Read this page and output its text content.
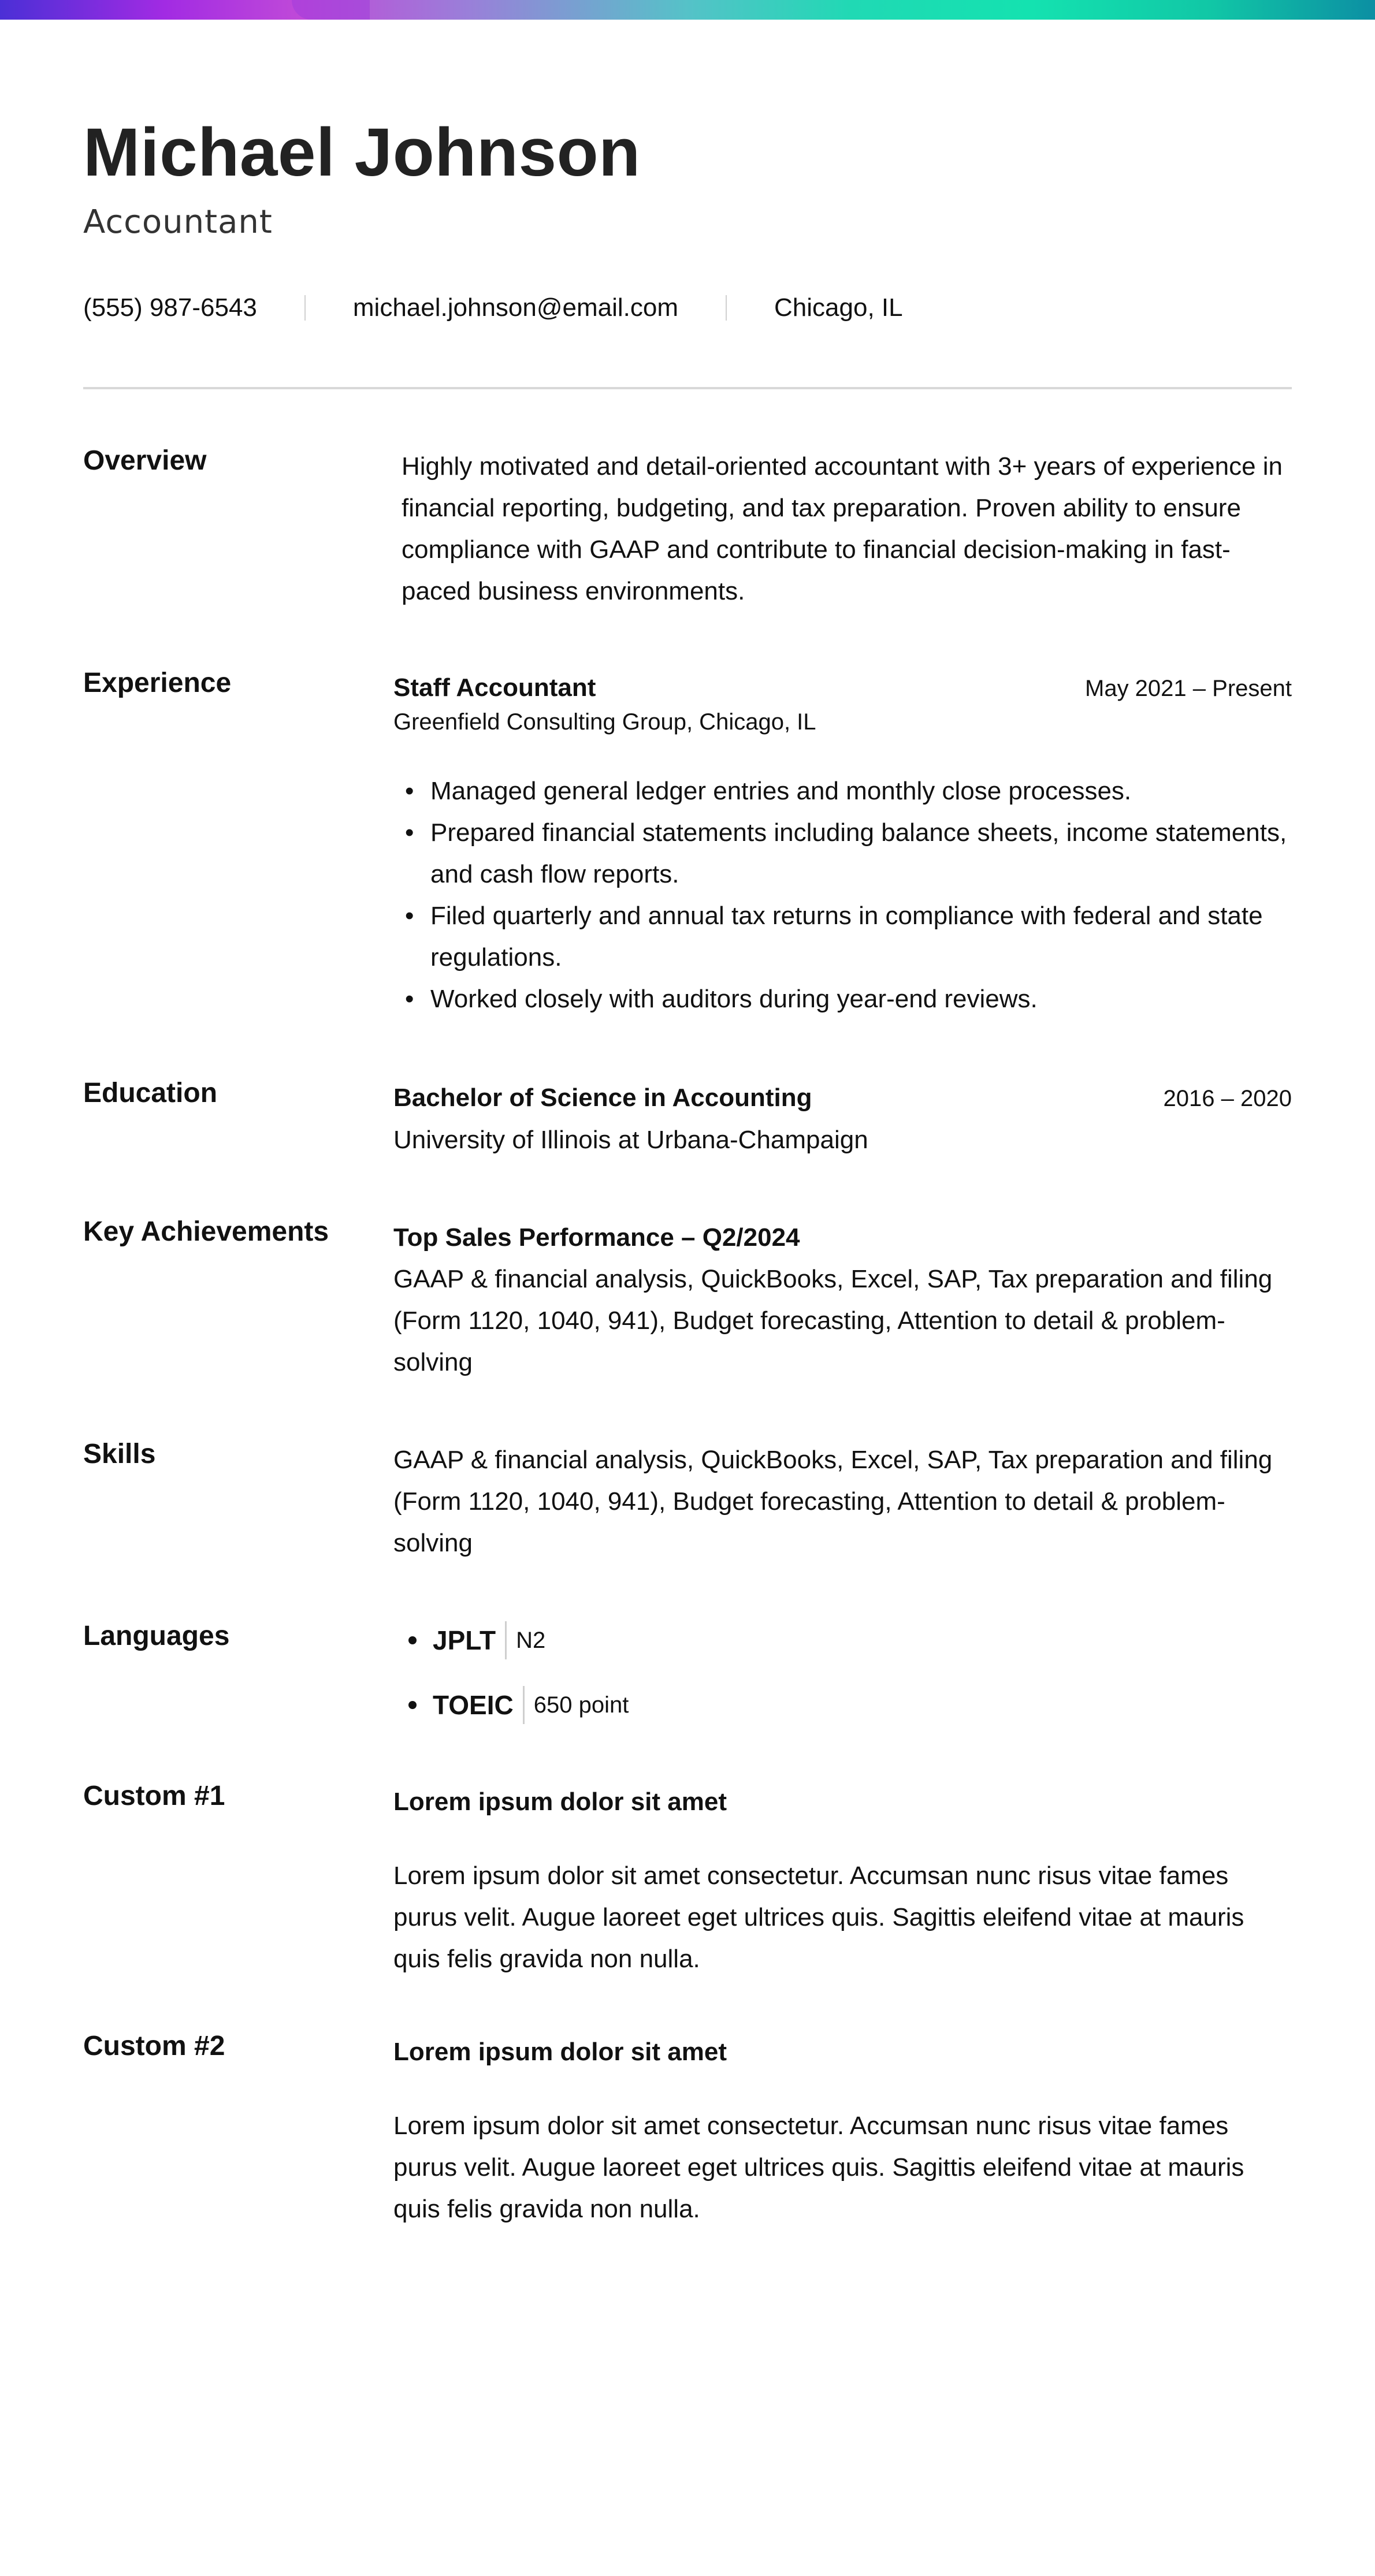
Michael Johnson
Accountant
(555) 987-6543	michael.johnson@email.com	Chicago, IL
Overview	Highly motivated and detail-oriented accountant with 3+ years of experience in financial reporting, budgeting, and tax preparation. Proven ability to ensure compliance with GAAP and contribute to financial decision-making in fast-paced business environments.

Experience	Staff Accountant	May 2021 – Present
Greenfield Consulting Group, Chicago, IL
• Managed general ledger entries and monthly close processes.
• Prepared financial statements including balance sheets, income statements, and cash flow reports.
• Filed quarterly and annual tax returns in compliance with federal and state regulations.
• Worked closely with auditors during year-end reviews.
Education	Bachelor of Science in Accounting	2016 – 2020
University of Illinois at Urbana-Champaign
Key Achievements	Top Sales Performance – Q2/2024
GAAP & financial analysis, QuickBooks, Excel, SAP, Tax preparation and filing (Form 1120, 1040, 941), Budget forecasting, Attention to detail & problem-solving
Skills	GAAP & financial analysis, QuickBooks, Excel, SAP, Tax preparation and filing (Form 1120, 1040, 941), Budget forecasting, Attention to detail & problem-solving
Languages	JPLT N2
TOEIC 650 point
Custom #1	Lorem ipsum dolor sit amet
Lorem ipsum dolor sit amet consectetur. Accumsan nunc risus vitae fames purus velit. Augue laoreet eget ultrices quis. Sagittis eleifend vitae at mauris quis felis gravida non nulla.
Custom #2	Lorem ipsum dolor sit amet
Lorem ipsum dolor sit amet consectetur. Accumsan nunc risus vitae fames purus velit. Augue laoreet eget ultrices quis. Sagittis eleifend vitae at mauris quis felis gravida non nulla.
